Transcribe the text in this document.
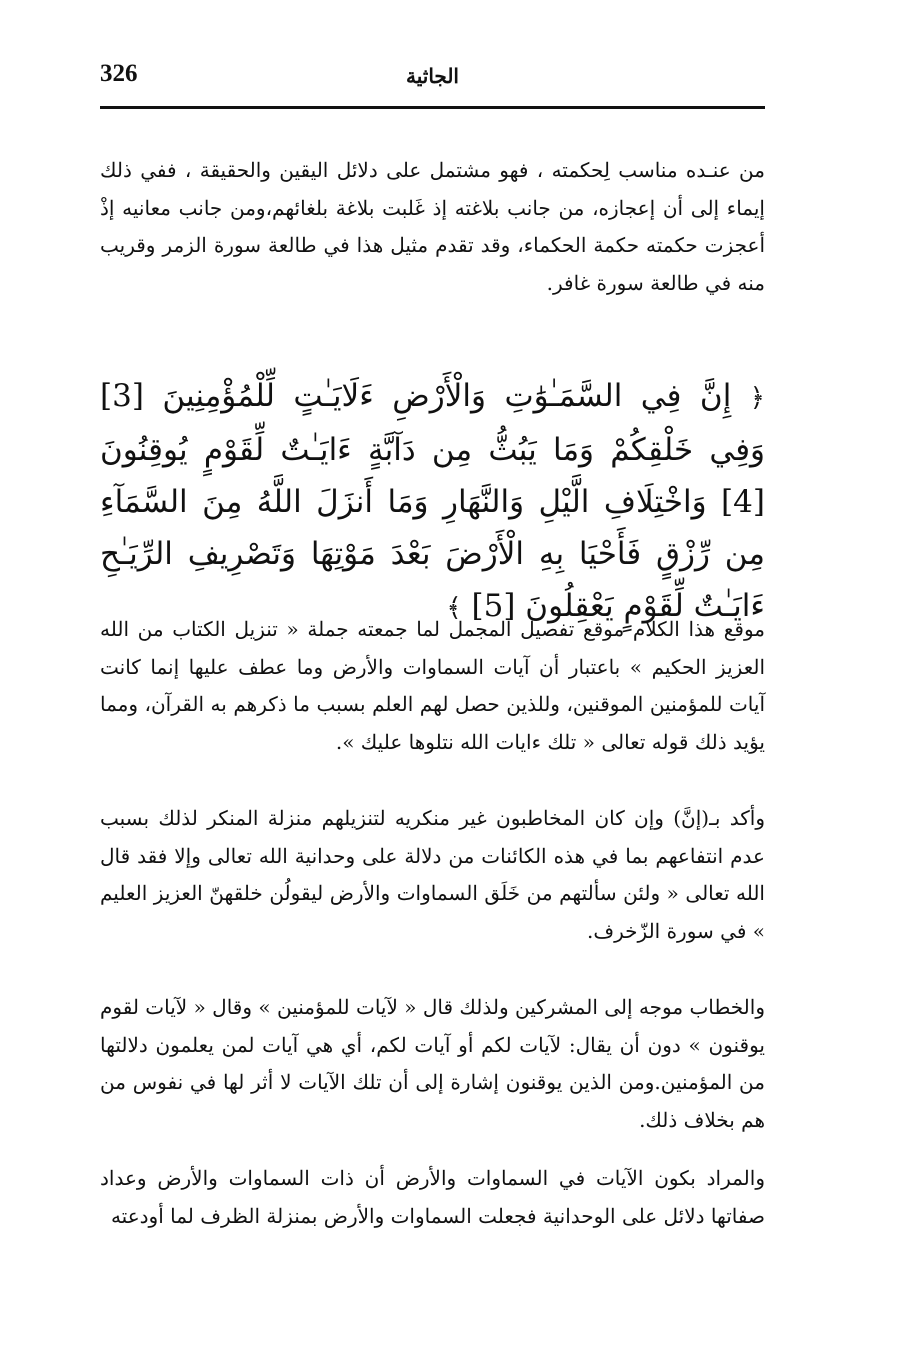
326	الجاثية

من عنـده مناسب لِحكمته ، فهو مشتمل على دلائل اليقين والحقيقة ، ففي ذلك إيماء إلى أن إعجازه، من جانب بلاغته إذ غَلبت بلاغة بلغائهم،ومن جانب معانيه إذْ أعجزت حكمته حكمة الحكماء، وقد تقدم مثيل هذا في طالعة سورة الزمر وقريب منه في طالعة سورة غافر.

﴿ إِنَّ فِي السَّمَـٰوَٰتِ وَالْأَرْضِ ءَلَايَـٰتٍ لِّلْمُؤْمِنِينَ [3] وَفِي خَلْقِكُمْ وَمَا يَبُثُّ مِن دَآبَّةٍ ءَايَـٰتٌ لِّقَوْمٍ يُوقِنُونَ [4] وَاخْتِلَافِ الَّيْلِ وَالنَّهَارِ وَمَا أَنزَلَ اللَّهُ مِنَ السَّمَآءِ مِن رِّزْقٍ فَأَحْيَا بِهِ الْأَرْضَ بَعْدَ مَوْتِهَا وَتَصْرِيفِ الرِّيَـٰحِ ءَايَـٰتٌ لِّقَوْمٍ يَعْقِلُونَ [5] ﴾

موقع هذا الكلام موقع تفصيل المجمل لما جمعته جملة « تنزيل الكتاب من الله العزيز الحكيم » باعتبار أن آيات السماوات والأرض وما عطف عليها إنما كانت آيات للمؤمنين الموقنين، وللذين حصل لهم العلم بسبب ما ذكرهم به القرآن، ومما يؤيد ذلك قوله تعالى « تلك ءايات الله نتلوها عليك ».

وأكد بـ(إنَّ) وإن كان المخاطبون غير منكريه لتنزيلهم منزلة المنكر لذلك بسبب عدم انتفاعهم بما في هذه الكائنات من دلالة على وحدانية الله تعالى وإلا فقد قال الله تعالى « ولئن سألتهم من خَلَق السماوات والأرض ليقولُن خلقهنّ العزيز العليم » في سورة الزّخرف.

والخطاب موجه إلى المشركين ولذلك قال « لآيات للمؤمنين » وقال « لآيات لقوم يوقنون » دون أن يقال: لآيات لكم أو آيات لكم، أي هي آيات لمن يعلمون دلالتها من المؤمنين.ومن الذين يوقنون إشارة إلى أن تلك الآيات لا أثر لها في نفوس من هم بخلاف ذلك.

والمراد بكون الآيات في السماوات والأرض أن ذات السماوات والأرض وعداد صفاتها دلائل على الوحدانية فجعلت السماوات والأرض بمنزلة الظرف لما أودعته
